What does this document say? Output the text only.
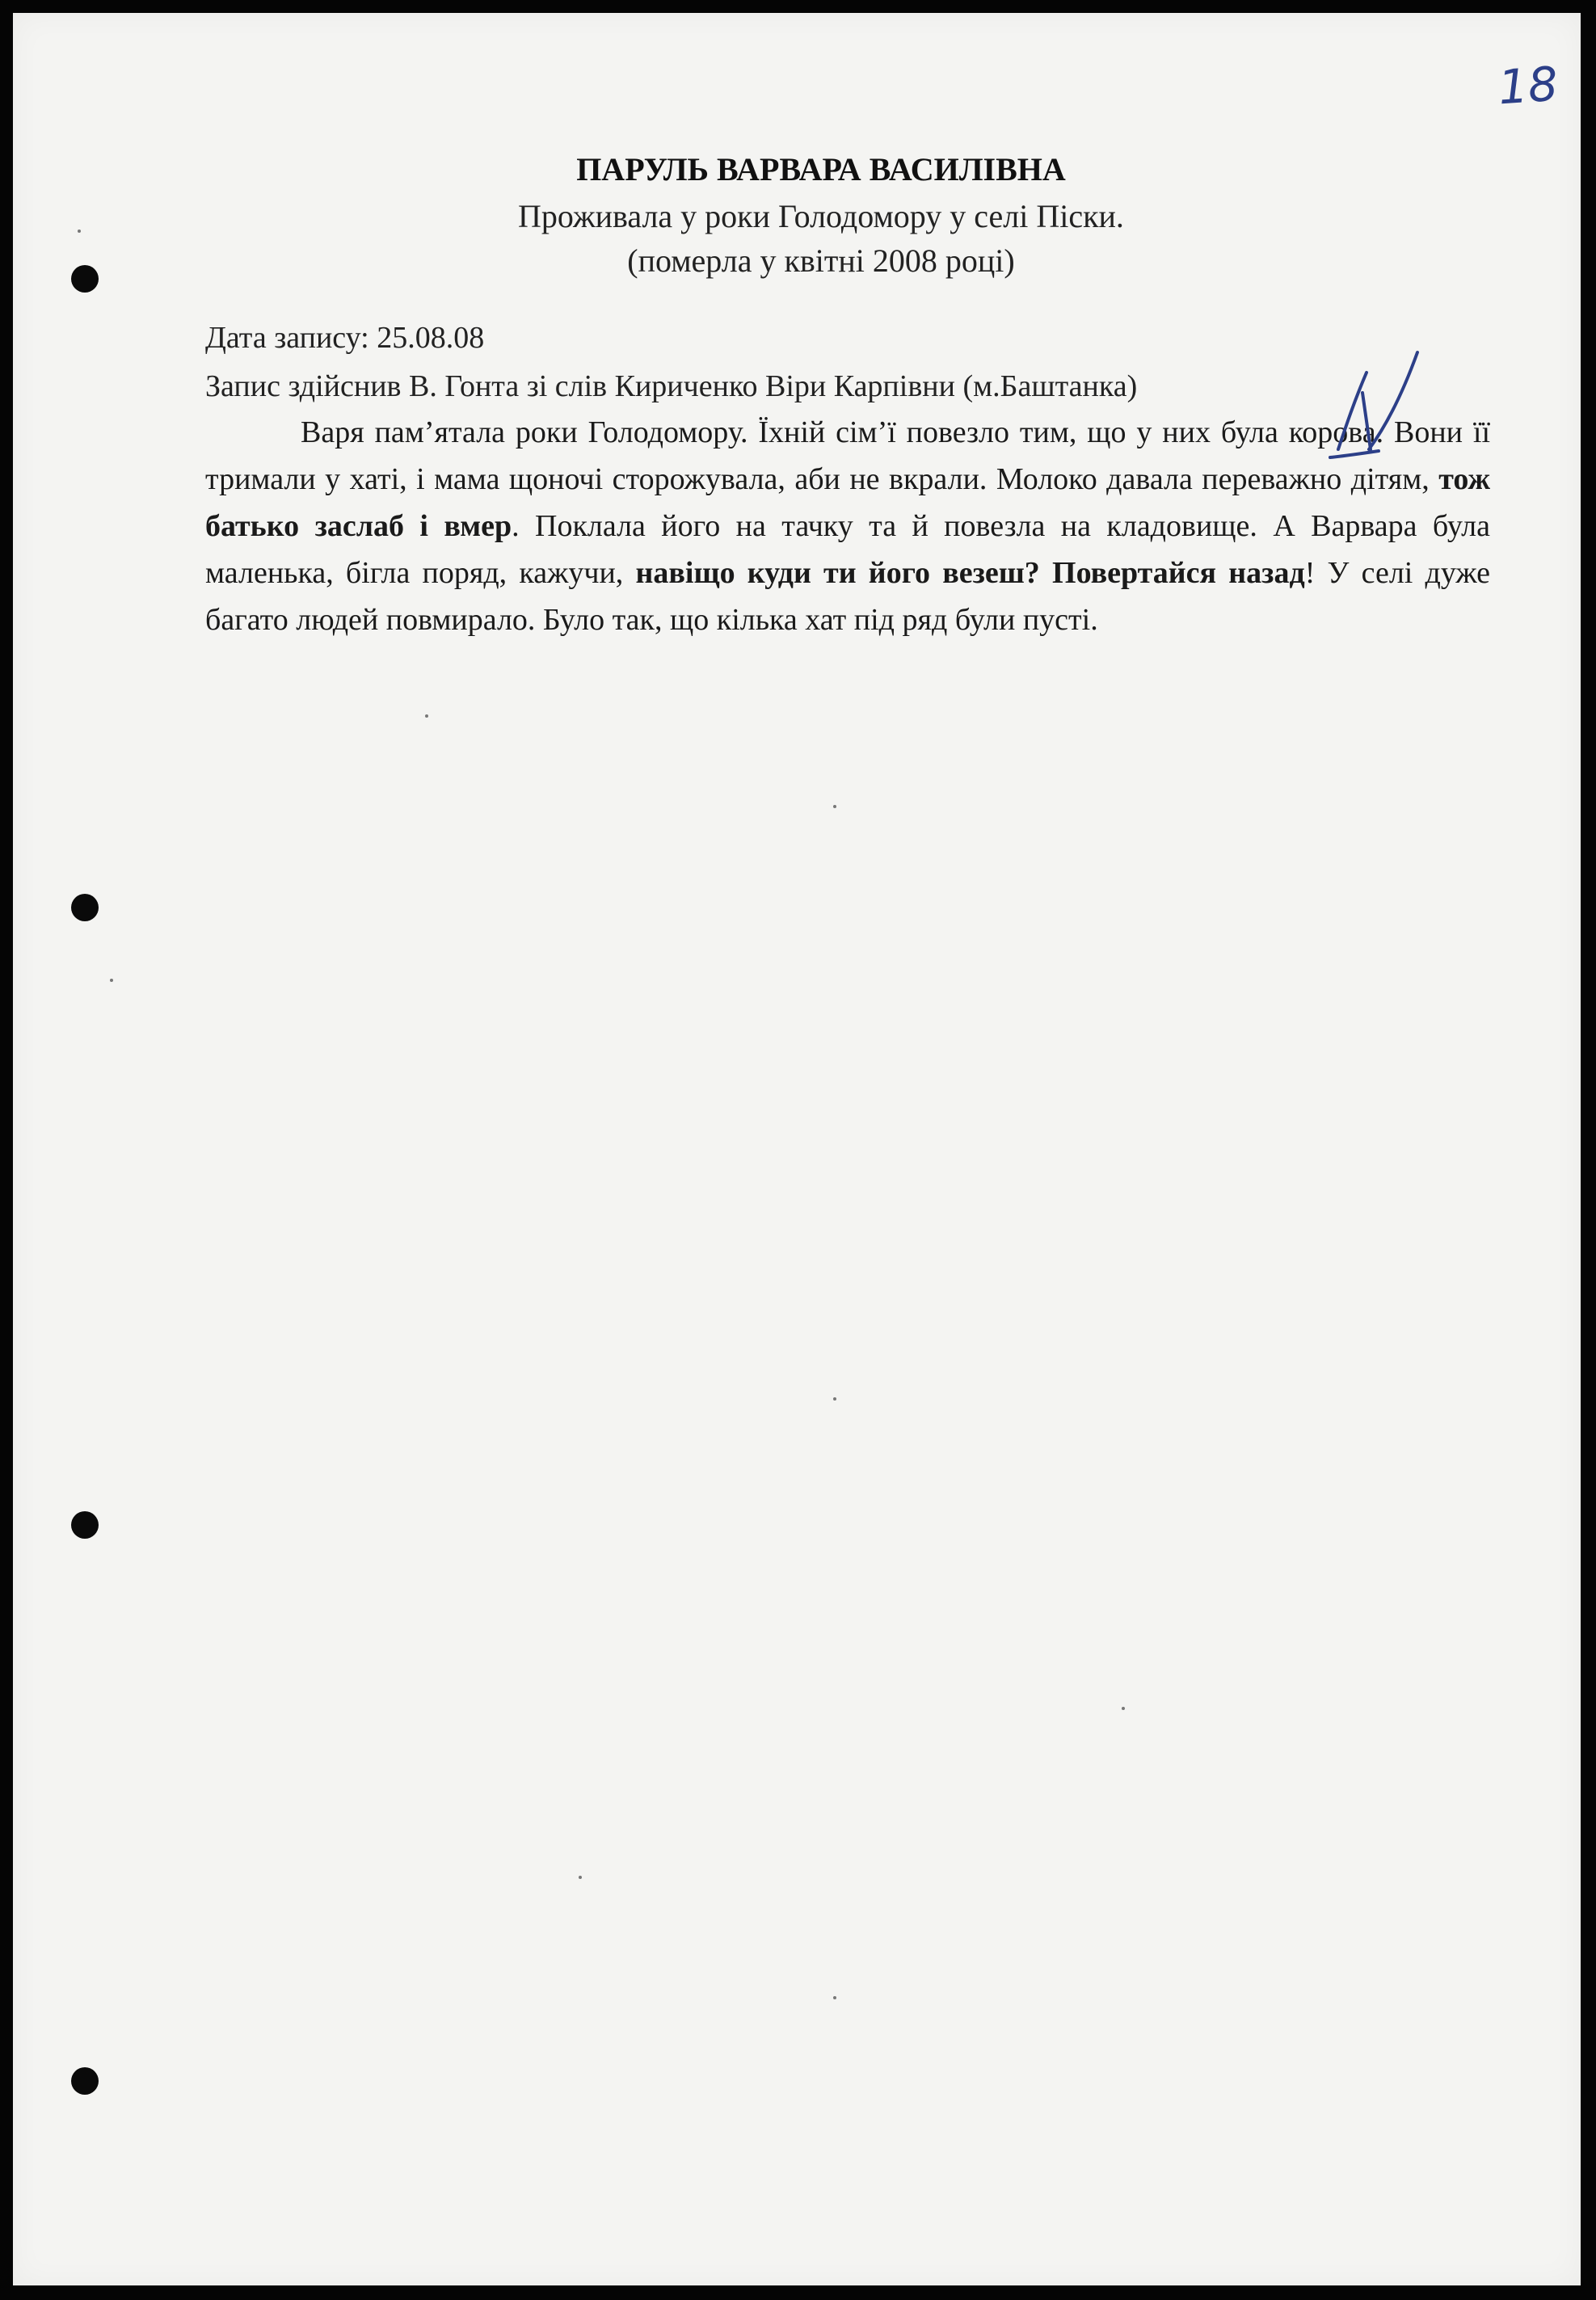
18
ПАРУЛЬ ВАРВАРА ВАСИЛІВНА
Проживала у роки Голодомору у селі Піски.
(померла у квітні 2008 році)
Дата запису: 25.08.08
Запис здійснив В. Гонта зі слів Кириченко Віри Карпівни (м.Баштанка)

Варя пам’ятала роки Голодомору. Їхній сім’ї повезло тим, що у них була корова. Вони її тримали у хаті, і мама щоночі сторожувала, аби не вкрали. Молоко давала переважно дітям, тож батько заслаб і вмер. Поклала його на тачку та й повезла на кладовище. А Варвара була маленька, бігла поряд, кажучи, навіщо куди ти його везеш? Повертайся назад! У селі дуже багато людей повмирало. Було так, що кілька хат під ряд були пусті.
